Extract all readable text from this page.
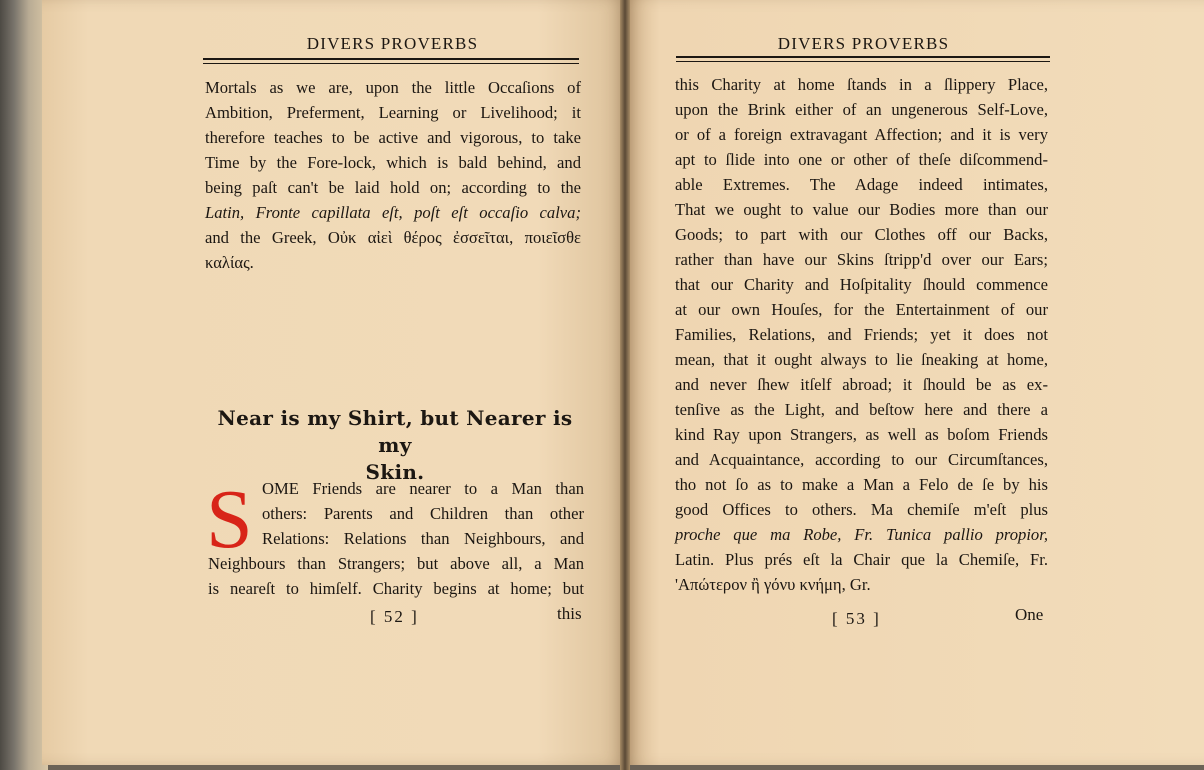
DIVERS PROVERBS
Mortals as we are, upon the little Occaſions of
Ambition, Preferment, Learning or Livelihood; it
therefore teaches to be active and vigorous, to take
Time by the Fore-lock, which is bald behind, and
being paſt can't be laid hold on; according to the
Latin, Fronte capillata eſt, poſt eſt occaſio calva;
and the Greek, Οὐκ αἰεὶ θέρος ἐσσεῖται, ποιεῖσθε
καλίας.
Near is my Shirt, but Nearer is my
Skin.
S OME Friends are nearer to a Man than
others: Parents and Children than other
Relations: Relations than Neighbours, and
Neighbours than Strangers; but above all, a Man
is neareſt to himſelf. Charity begins at home; but
[ 52 ]	this
DIVERS PROVERBS
this Charity at home ſtands in a ſlippery Place,
upon the Brink either of an ungenerous Self-Love,
or of a foreign extravagant Affection; and it is very
apt to ſlide into one or other of theſe diſcommend-
able Extremes. The Adage indeed intimates,
That we ought to value our Bodies more than our
Goods; to part with our Clothes off our Backs,
rather than have our Skins ſtripp'd over our Ears;
that our Charity and Hoſpitality ſhould commence
at our own Houſes, for the Entertainment of our
Families, Relations, and Friends; yet it does not
mean, that it ought always to lie ſneaking at home,
and never ſhew itſelf abroad; it ſhould be as ex-
tenſive as the Light, and beſtow here and there a
kind Ray upon Strangers, as well as boſom Friends
and Acquaintance, according to our Circumſtances,
tho not ſo as to make a Man a Felo de ſe by his
good Offices to others. Ma chemiſe m'eſt plus
proche que ma Robe, Fr. Tunica pallio propior,
Latin. Plus prés eſt la Chair que la Chemiſe, Fr.
'Απώτερον ἢ γόνυ κνήμη, Gr.
[ 53 ]	One
